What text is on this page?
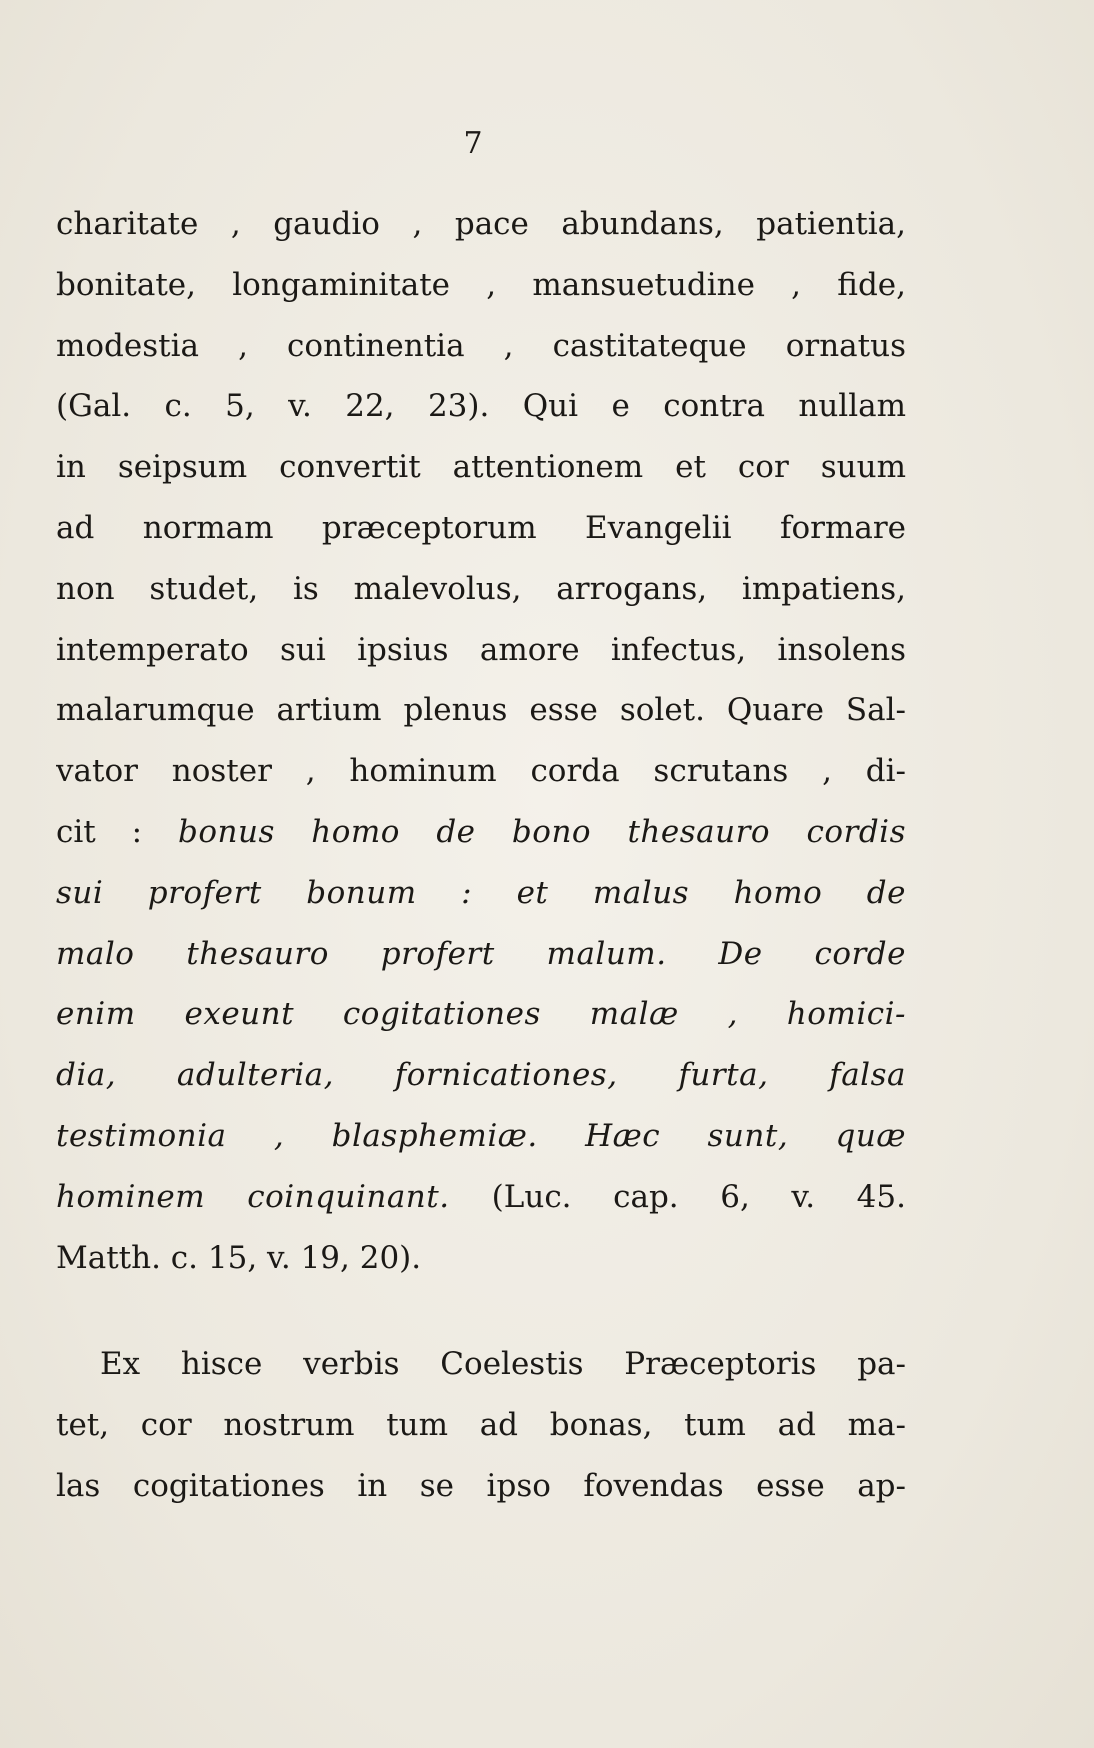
7
charitate , gaudio , pace abundans, patientia,
bonitate, longaminitate , mansuetudine , fide,
modestia , continentia , castitateque ornatus
(Gal. c. 5, v. 22, 23). Qui e contra nullam
in seipsum convertit attentionem et cor suum
ad normam præceptorum Evangelii formare
non studet, is malevolus, arrogans, impatiens,
intemperato sui ipsius amore infectus, insolens
malarumque artium plenus esse solet. Quare Sal-
vator noster , hominum corda scrutans , di-
cit : bonus homo de bono thesauro cordis
sui profert bonum : et malus homo de
malo thesauro profert malum. De corde
enim exeunt cogitationes malæ , homici-
dia, adulteria, fornicationes, furta, falsa
testimonia , blasphemiæ. Hæc sunt, quæ
hominem coinquinant. (Luc. cap. 6, v. 45.
Matth. c. 15, v. 19, 20).
Ex hisce verbis Coelestis Præceptoris pa-
tet, cor nostrum tum ad bonas, tum ad ma-
las cogitationes in se ipso fovendas esse ap-
